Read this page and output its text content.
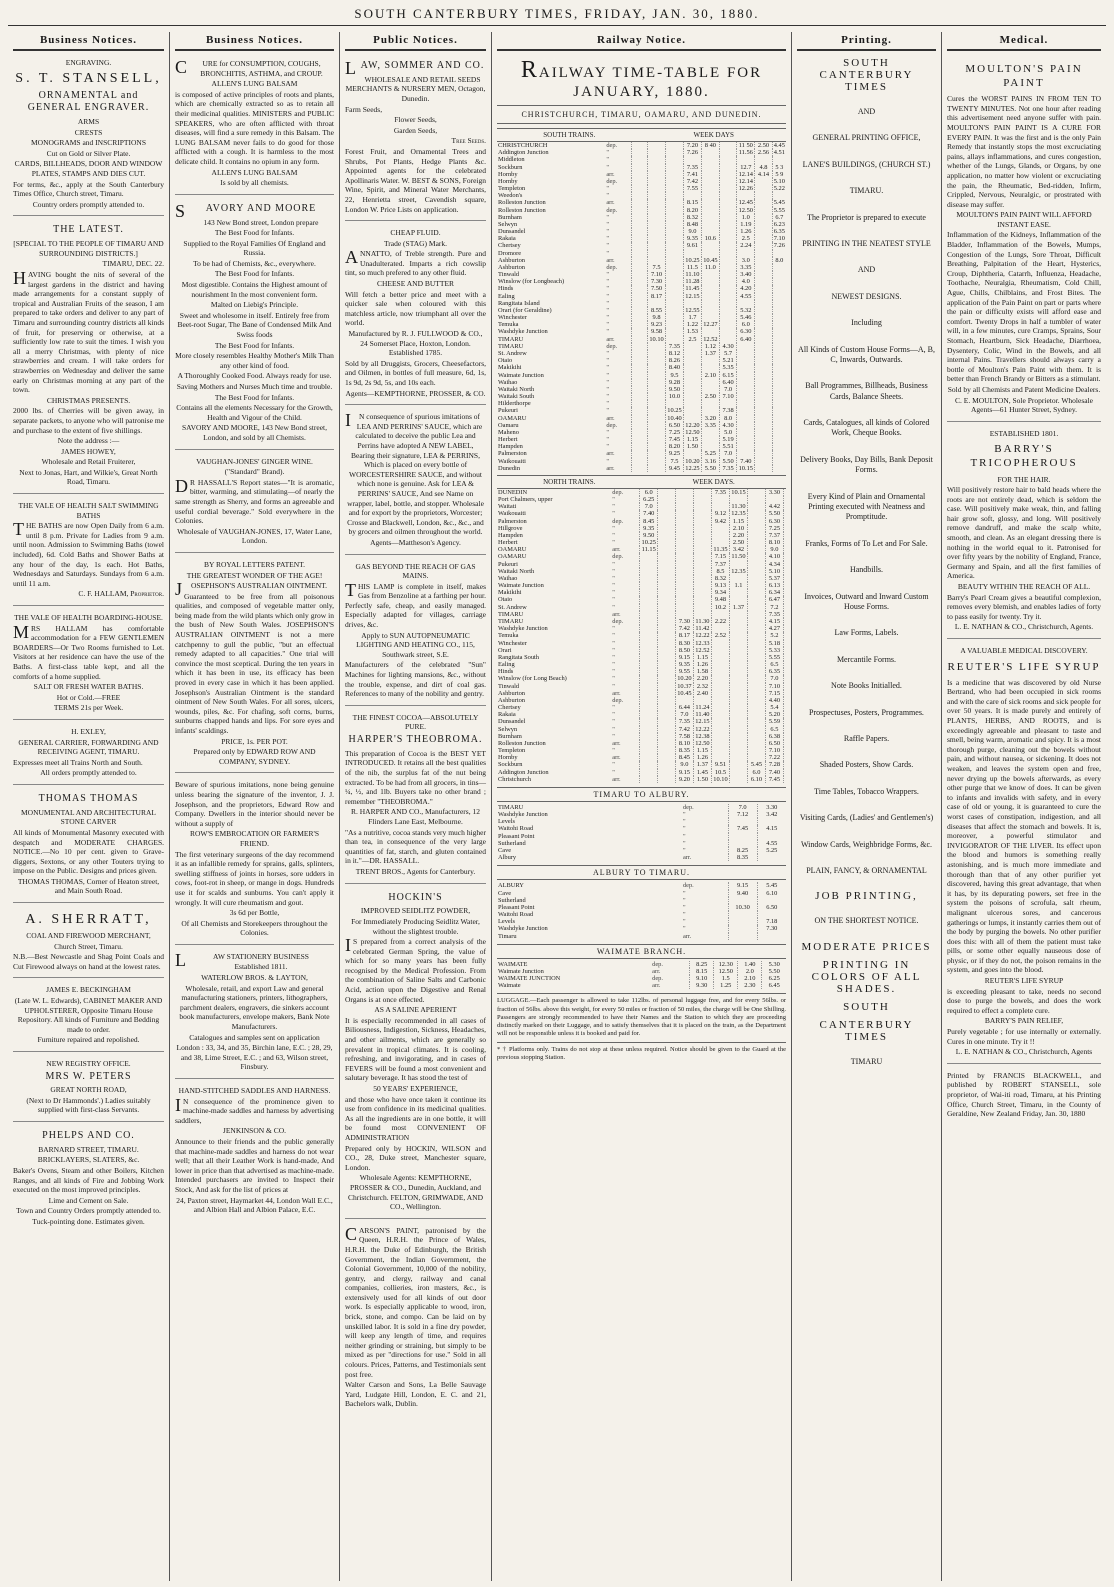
SOUTH CANTERBURY TIMES, FRIDAY, JAN. 30, 1880.
Business Notices.
ENGRAVING.
S. T. STANSELL,
ORNAMENTAL and GENERAL ENGRAVER.

ARMS

CRESTS

MONOGRAMS and INSCRIPTIONS

Cut on Gold or Silver Plate.

CARDS, BILLHEADS, DOOR AND WINDOW PLATES, STAMPS AND DIES CUT.

For terms, &c., apply at the South Canterbury Times Office, Church street, Timaru.

Country orders promptly attended to.

THE LATEST.

[SPECIAL TO THE PEOPLE OF TIMARU AND SURROUNDING DISTRICTS.]

TIMARU, DEC. 22.

HAVING bought the nits of several of the largest gardens in the district and having made arrangements for a constant supply of tropical and Australian Fruits of the season, I am prepared to take orders and deliver to any part of Timaru and surrounding country districts all kinds of fruit, for preserving or otherwise, at a sufficiently low rate to suit the times. I wish you all a merry Christmas, with plenty of nice strawberries and cream. I will take orders for strawberries on Wednesday and deliver the same early on Christmas morning at any part of the town.

CHRISTMAS PRESENTS.

2000 lbs. of Cherries will be given away, in separate packets, to anyone who will patronise me and purchase to the extent of five shillings.

Note the address :—

JAMES HOWEY,

Wholesale and Retail Fruiterer,

Next to Jonas, Hart, and Wilkie's, Great North Road, Timaru.

THE VALE OF HEALTH SALT SWIMMING BATHS

THE BATHS are now Open Daily from 6 a.m. until 8 p.m. Private for Ladies from 9 a.m. until noon. Admission to Swimming Baths (towel included), 6d. Cold Baths and Shower Baths at any hour of the day, 1s each. Hot Baths, Wednesdays and Saturdays. Sundays from 6 a.m. until 11 a.m.

C. F. HALLAM, Proprietor.

THE VALE OF HEALTH BOARDING-HOUSE.

MRS HALLAM has comfortable accommodation for a FEW GENTLEMEN BOARDERS—Or Two Rooms furnished to Let. Visitors at her residence can have the use of the Baths. A first-class table kept, and all the comforts of a home supplied.

SALT OR FRESH WATER BATHS.

Hot or Cold.—FREE

TERMS 21s per Week.

H. EXLEY,

GENERAL CARRIER, FORWARDING AND RECEIVING AGENT, TIMARU.

Expresses meet all Trains North and South.

All orders promptly attended to.

THOMAS THOMAS

MONUMENTAL AND ARCHITECTURAL STONE CARVER

All kinds of Monumental Masonry executed with despatch and MODERATE CHARGES. NOTICE.—No 10 per cent. given to Grave-diggers, Sextons, or any other Touters trying to impose on the Public. Designs and prices given.

THOMAS THOMAS, Corner of Heaton street, and Main South Road.

A. SHERRATT,

COAL AND FIREWOOD MERCHANT,

Church Street, Timaru.

N.B.—Best Newcastle and Shag Point Coals and Cut Firewood always on hand at the lowest rates.

JAMES E. BECKINGHAM

(Late W. L. Edwards), CABINET MAKER AND UPHOLSTERER, Opposite Timaru House Repository. All kinds of Furniture and Bedding made to order.

Furniture repaired and repolished.

NEW REGISTRY OFFICE.

MRS W. PETERS

GREAT NORTH ROAD,

(Next to Dr Hammonds'.) Ladies suitably supplied with first-class Servants.

PHELPS AND CO.

BARNARD STREET, TIMARU.

BRICKLAYERS, SLATERS, &c.

Baker's Ovens, Steam and other Boilers, Kitchen Ranges, and all kinds of Fire and Jobbing Work executed on the most improved principles.

Lime and Cement on Sale.

Town and Country Orders promptly attended to.

Tuck-pointing done. Estimates given.

Business Notices.

CURE for CONSUMPTION, COUGHS, BRONCHITIS, ASTHMA, and CROUP.

ALLEN'S LUNG BALSAM

is composed of active principles of roots and plants, which are chemically extracted so as to retain all their medicinal qualities. MINISTERS and PUBLIC SPEAKERS, who are often afflicted with throat diseases, will find a sure remedy in this Balsam. The LUNG BALSAM never fails to do good for those afflicted with a cough. It is harmless to the most delicate child. It contains no opium in any form.

ALLEN'S LUNG BALSAM

Is sold by all chemists.

SAVORY AND MOORE

143 New Bond street, London prepare

The Best Food for Infants.

Supplied to the Royal Families Of England and Russia.

To be had of Chemists, &c., everywhere.

The Best Food for Infants.

Most digestible. Contains the Highest amount of nourishment In the most convenient form.

Malted on Liebig's Principle.

Sweet and wholesome in itself. Entirely free from Beet-root Sugar, The Bane of Condensed Milk And Swiss foods

The Best Food for Infants.

More closely resembles Healthy Mother's Milk Than any other kind of food.

A Thoroughly Cooked Food. Always ready for use.

Saving Mothers and Nurses Much time and trouble.

The Best Food for Infants.

Contains all the elements Necessary for the Growth, Health and Vigour of the Child.

SAVORY AND MOORE, 143 New Bond street, London, and sold by all Chemists.

VAUGHAN-JONES' GINGER WINE.

("Standard" Brand).

DR HASSALL'S Report states—"It is aromatic, bitter, warming, and stimulating—of nearly the same strength as Sherry, and forms an agreeable and useful cordial beverage." Sold everywhere in the Colonies.

Wholesale of VAUGHAN-JONES, 17, Water Lane, London.

BY ROYAL LETTERS PATENT.

THE GREATEST WONDER OF THE AGE!

JOSEPHSON'S AUSTRALIAN OINTMENT.

Guaranteed to be free from all poisonous qualities, and composed of vegetable matter only, being made from the wild plants which only grow in the bush of New South Wales. JOSEPHSON'S AUSTRALIAN OINTMENT is not a mere catchpenny to gull the public, "but an effectual remedy adapted to all capacities." One trial will convince the most sceptical. During the ten years in which it has been in use, its efficacy has been proved in every case in which it has been applied. Josephson's Australian Ointment is the standard ointment of New South Wales. For all sores, ulcers, wounds, piles, &c. For chafing, soft corns, burns, sunburns chapped hands and lips. For sore eyes and infants' scaldings.

PRICE, 1s. PER POT.

Prepared only by EDWARD ROW AND COMPANY, SYDNEY.

Beware of spurious imitations, none being genuine unless bearing the signature of the inventor, J. J. Josephson, and the proprietors, Edward Row and Company. Dwellers in the interior should never be without a supply of

ROW'S EMBROCATION OR FARMER'S FRIEND.

The first veterinary surgeons of the day recommend it as an infallible remedy for sprains, galls, splinters, swelling stiffness of joints in horses, sore udders in cows, foot-rot in sheep, or mange in dogs. Hundreds use it for scalds and sunburns. You can't apply it wrongly. It will cure rheumatism and gout.

3s 6d per Bottle,

Of all Chemists and Storekeepers throughout the Colonies.

LAW STATIONERY BUSINESS

Established 1811.

WATERLOW BROS. & LAYTON,

Wholesale, retail, and export Law and general manufacturing stationers, printers, lithographers, parchment dealers, engravers, die sinkers account book manufacturers, envelope makers, Bank Note Manufacturers.

Catalogues and samples sent on application

London : 33, 34, and 35, Birchin lane, E.C. ; 28, 29, and 38, Lime Street, E.C. ; and 63, Wilson street, Finsbury.

HAND-STITCHED SADDLES AND HARNESS.

IN consequence of the prominence given to machine-made saddles and harness by advertising saddlers,

JENKINSON & CO.

Announce to their friends and the public generally that machine-made saddles and harness do not wear well; that all their Leather Work is hand-made, And lower in price than that advertised as machine-made. Intended purchasers are invited to Inspect their Stock, And ask for the list of prices at

24, Paxton street, Haymarket 44, London Wall E.C., and Albion Hall and Albion Palace, E.C.

Public Notices.
LAW, SOMMER AND CO.

WHOLESALE AND RETAIL SEEDS MERCHANTS & NURSERY MEN, Octagon, Dunedin.

Farm Seeds,

Flower Seeds,

Garden Seeds,

Tree Seeds.

Forest Fruit, and Ornamental Trees and Shrubs, Pot Plants, Hedge Plants &c. Appointed agents for the celebrated Apollinaris Water. W. BEST & SONS, Foreign Wine, Spirit, and Mineral Water Merchants, 22, Henrietta street, Cavendish square, London W. Price Lists on application.

CHEAP FLUID.

Trade (STAG) Mark.

ANNATTO, of Treble strength. Pure and Unadulterated. Imparts a rich cowslip tint, so much prefered to any other fluid.

CHEESE AND BUTTER

Will fetch a better price and meet with a quicker sale when coloured with this matchless article, now triumphant all over the world.

Manufactured by R. J. FULLWOOD & CO., 24 Somerset Place, Hoxton, London. Established 1785.

Sold by all Druggists, Grocers, Cheesefactors, and Oilmen, in bottles of full measure, 6d, 1s, 1s 9d, 2s 9d, 5s, and 10s each.

Agents—KEMPTHORNE, PROSSER, & CO.

IN consequence of spurious imitations of LEA AND PERRINS' SAUCE, which are calculated to deceive the public Lea and Perrins have adopted A NEW LABEL, Bearing their signature, LEA & PERRINS, Which is placed on every bottle of WORCESTERSHIRE SAUCE, and without which none is genuine. Ask for LEA & PERRINS' SAUCE, And see Name on wrapper, label, bottle, and stopper. Wholesale and for export by the proprietors, Worcester; Crosse and Blackwell, London, &c., &c., and by grocers and oilmen throughout the world.

Agents—Mattheson's Agency.

GAS BEYOND THE REACH OF GAS MAINS.

THIS LAMP is complete in itself, makes Gas from Benzoline at a farthing per hour. Perfectly safe, cheap, and easily managed. Especially adapted for villages, carriage drives, &c.

Apply to SUN AUTOPNEUMATIC LIGHTING AND HEATING CO., 115, Southwark street, S.E.

Manufacturers of the celebrated "Sun" Machines for lighting mansions, &c., without the trouble, expense, and dirt of coal gas. References to many of the nobility and gentry.

THE FINEST COCOA—ABSOLUTELY PURE.

HARPER'S THEOBROMA.

This preparation of Cocoa is the BEST YET INTRODUCED. It retains all the best qualities of the nib, the surplus fat of the nut being extracted. To be had from all grocers, in tins—¼, ½, and 1lb. Buyers take no other brand ; remember "THEOBROMA."

R. HARPER AND CO., Manufacturers, 12 Flinders Lane East, Melbourne.

"As a nutritive, cocoa stands very much higher than tea, in consequence of the very large quantities of fat, starch, and gluten contained in it."—DR. HASSALL.

TRENT BROS., Agents for Canterbury.

HOCKIN'S

IMPROVED SEIDLITZ POWDER,

For Immediately Producing Seidlitz Water, without the slightest trouble.

IS prepared from a correct analysis of the celebrated German Spring, the value of which for so many years has been fully recognised by the Medical Profession. From the combination of Saline Salts and Carbonic Acid, action upon the Digestive and Renal Organs is at once effected.

AS A SALINE APERIENT

It is especially recommended in all cases of Biliousness, Indigestion, Sickness, Headaches, and other ailments, which are generally so prevalent in tropical climates. It is cooling, refreshing, and invigorating, and in cases of FEVERS will be found a most convenient and salutary beverage. It has stood the test of

50 YEARS' EXPERIENCE,

and those who have once taken it continue its use from confidence in its medicinal qualities. As all the ingredients are in one bottle, it will be found most CONVENIENT OF ADMINISTRATION

Prepared only by HOCKIN, WILSON and CO., 28, Duke street, Manchester square, London.

Wholesale Agents: KEMPTHORNE, PROSSER & CO., Dunedin, Auckland, and Christchurch. FELTON, GRIMWADE, AND CO., Wellington.

CARSON'S PAINT, patronised by the Queen, H.R.H. the Prince of Wales, H.R.H. the Duke of Edinburgh, the British Government, the Indian Government, the Colonial Government, 10,000 of the nobility, gentry, and clergy, railway and canal companies, collieries, iron masters, &c., is extensively used for all kinds of out door work. Is especially applicable to wood, iron, brick, stone, and compo. Can be laid on by unskilled labor. It is sold in a fine dry powder, will keep any length of time, and requires neither grinding or straining, but simply to be mixed as per "directions for use." Sold in all colours. Prices, Patterns, and Testimonials sent post free.

Walter Carson and Sons, La Belle Sauvage Yard, Ludgate Hill, London, E. C. and 21, Bachelors walk, Dublin.

Railway Notice.
RAILWAY TIME-TABLE FOR JANUARY, 1880.
CHRISTCHURCH, TIMARU, OAMARU, AND DUNEDIN.
SOUTH TRAINS.	WEEK DAYS
CHRISTCHURCH	dep.				7.20	8 40		11 50	2.50	4.45
Addington Junction	"				7.26			11.56	2.56	4.51
Middleton	"									
Sockburn	"				7.35			12.7	4.8	5 3
Hornby	arr.				7.41			12.14	4.14	5 9
Hornby	dep.				7.42			12.14		5.10
Templeton	"				7.55			12.26		5.22
Weedon's	"									
Rolleston Junction	arr.				8.15			12.45		5.45
Rolleston Junction	dep.				8.20			12.50		5.55
Burnham	"				8.32			1.0		6.7
Selwyn	"				8.48			1.19		6.23
Dunsandel	"				9.0			1.26		6.35
Rakaia	"				9.35	10.6		2.5		7.10
Chertsey	"				9.61			2.24		7.26
Dromore	"									
Ashburton	arr.				10.25	10.45		3.0		8.0
Ashburton	dep.		7.5		11.5	11.0		3.35		
Tinwald	"		7.10		11.10			3.40		
Winslow (for Longbeach)	"		7.30		11.28			4.0		
Hinds	"		7.50		11.45			4.20		
Ealing	"		8.17		12.15			4.55		
Rangitata Island	"									
Orari (for Geraldine)	"		8.55		12.55			5.32		
Winchester	"		9.8		1.7			5.46		
Temuka	"		9.23		1.22	12.27		6.0		
Washdyke Junction	"		9.58		1.53			6.30		
TIMARU	arr.		10.10		2.5	12.52		6.40		
TIMARU	dep.			7.35		1.12	4.30			
St. Andrew	"			8.12		1.37	5.7			
Otaio	"			8.26			5.21			
Makikihi	"			8.40			5.35			
Waimate Junction	"			9.5		2.10	6.15			
Waihao	"			9.28			6.40			
Waitaki North	"			9.50			7.0			
Waitaki South	"			10.0		2.50	7.10			
Hilderthorpe	"									
Pukeuri	"			10.25			7.38			
OAMARU	arr.			10.40		3.20	8.0			
Oamaru	dep.			6.50	12.20	3.35	4.30			
Maheno	"			7.25	12.50		5.0			
Herbert	"			7.45	1.15		5.19			
Hampden	"			8.20	1.50		5.51			
Palmerston	arr.			9.25		5.25	7.0			
Waikouaiti	"			7.5	10.20	3.16	5.50	7.40		
Dunedin	arr.			9.45	12.25	5.50	7.35	10.15		
NORTH TRAINS.	WEEK DAYS.
DUNEDIN	dep.	6.0				7.35	10.15		3.30	
Port Chalmers, upper	"	6.25								
Waitati	"	7.0					11.30		4.42	
Waikouaiti	"	7.40				9.12	12.35		5.50	
Palmerston	dep.	8.45				9.42	1.15		6.30	
Hillgrove	"	9.35					2.10		7.25	
Hampden	"	9.50					2.20		7.37	
Herbert	"	10.25					2.50		8.10	
OAMARU	arr.	11.15				11.35	3.42		9.0	
OAMARU	dep.					7.15	11.50		4.10	
Pukeuri	"					7.37			4.34	
Waitaki North	"					8.5	12.35		5.10	
Waihao	"					8.32			5.37	
Waimate Junction	"					9.13	1.1		6.13	
Makikihi	"					9.34			6.34	
Otaio	"					9.48			6.47	
St. Andrew	"					10.2	1.37		7.2	
TIMARU	arr.								7.35	
TIMARU	dep.			7.30	11.30	2.22			4.15	
Washdyke Junction	"			7.42	11.42				4.27	
Temuka	"			8.17	12.22	2.52			5.2	
Winchester	"			8.30	12.33				5.18	
Orari	"			8.50	12.52				5.33	
Rangitata South	"			9.15	1.15				5.55	
Ealing	"			9.35	1.26				6.5	
Hinds	"			9.55	1.58				6.35	
Winslow (for Long Beach)	"			10.20	2.20				7.0	
Tinwald	"			10.37	2.32				7.10	
Ashburton	arr.			10.45	2.40				7.15	
Ashburton	dep.								4.40	
Chertsey	"			6.44	11.24				5.4	
Rakaia	"			7.0	11.40				5.20	
Dunsandel	"			7.35	12.15				5.59	
Selwyn	"			7.42	12.22				6.5	
Burnham	"			7.58	12.38				6.38	
Rolleston Junction	arr.			8.10	12.50				6.50	
Templeton	"			8.35	1.15				7.10	
Hornby	arr.			8.45	1.26				7.22	
Sockburn	"			9.0	1.37	9.51		5.45	7.28	
Addington Junction	"			9.15	1.45	10.5		6.0	7.40	
Christchurch	arr.			9.20	1.50	10.10		6.10	7.45	
TIMARU TO ALBURY.
TIMARU	dep.	7.0	3.30
Washdyke Junction	"	7.12	3.42
Levels	"		
Waitohi Road	"	7.45	4.15
Pleasant Point	"		
Sutherland	"		4.55
Cave	"	8.25	5.25
Albury	arr.	8.35	
ALBURY TO TIMARU.
ALBURY	dep.	9.15	5.45
Cave	"	9.40	6.10
Sutherland	"		
Pleasant Point	"	10.30	6.50
Waitohi Road	"		
Levels	"		7.18
Washdyke Junction	"		7.30
Timaru	arr.		
WAIMATE BRANCH.
WAIMATE	dep.	8.25	12.30	1.40	5.30
Waimate Junction	arr.	8.15	12.50	2.0	5.50
WAIMATE JUNCTION	dep.	9.10	1.5	2.10	6.25
Waimate	arr.	9.30	1.25	2.30	6.45
LUGGAGE.—Each passenger is allowed to take 112lbs. of personal luggage free, and for every 56lbs. or fraction of 56lbs. above this weight, for every 50 miles or fraction of 50 miles, the charge will be One Shilling. Passengers are strongly recommended to have their Names and the Station to which they are proceeding distinctly marked on their Luggage, and to satisfy themselves that it is placed on the train, as the Department will not be responsible unless it is booked and paid for.
* † Platforms only. Trains do not stop at these unless required. Notice should be given to the Guard at the previous stopping Station.
Printing.
SOUTH CANTERBURY TIMES
AND
GENERAL PRINTING OFFICE,
LANE'S BUILDINGS, (CHURCH ST.)
TIMARU.
The Proprietor is prepared to execute
PRINTING IN THE NEATEST STYLE
AND
NEWEST DESIGNS.
Including
All Kinds of Custom House Forms—A, B, C, Inwards, Outwards.
Ball Programmes, Billheads, Business Cards, Balance Sheets.
Cards, Catalogues, all kinds of Colored Work, Cheque Books.
Delivery Books, Day Bills, Bank Deposit Forms.
Every Kind of Plain and Ornamental Printing executed with Neatness and Promptitude.
Franks, Forms of To Let and For Sale.
Handbills.
Invoices, Outward and Inward Custom House Forms.
Law Forms, Labels.
Mercantile Forms.
Note Books Initialled.
Prospectuses, Posters, Programmes.
Raffle Papers.
Shaded Posters, Show Cards.
Time Tables, Tobacco Wrappers.
Visiting Cards, (Ladies' and Gentlemen's)
Window Cards, Weighbridge Forms, &c.
PLAIN, FANCY, & ORNAMENTAL
JOB PRINTING,
ON THE SHORTEST NOTICE.
MODERATE PRICES
PRINTING IN COLORS OF ALL SHADES.
SOUTH
CANTERBURY TIMES
TIMARU
Medical.
MOULTON'S PAIN PAINT

Cures the WORST PAINS IN FROM TEN TO TWENTY MINUTES. Not one hour after reading this advertisement need anyone suffer with pain. MOULTON'S PAIN PAINT IS A CURE FOR EVERY PAIN. It was the first and is the only Pain Remedy that instantly stops the most excruciating pains, allays inflammations, and cures congestion, whether of the Lungs, Glands, or Organs, by one application, no matter how violent or excruciating the pain, the Rheumatic, Bed-ridden, Infirm, Crippled, Nervous, Neuralgic, or prostrated with disease may suffer.

MOULTON'S PAIN PAINT WILL AFFORD INSTANT EASE.

Inflammation of the Kidneys, Inflammation of the Bladder, Inflammation of the Bowels, Mumps, Congestion of the Lungs, Sore Throat, Difficult Breathing, Palpitation of the Heart, Hysterics, Croup, Diphtheria, Catarrh, Influenza, Headache, Toothache, Neuralgia, Rheumatism, Cold Chill, Ague, Chills, Chilblains, and Frost Bites. The application of the Pain Paint on part or parts where the pain or difficulty exists will afford ease and comfort. Twenty Drops in half a tumbler of water will, in a few minutes, cure Cramps, Sprains, Sour Stomach, Heartburn, Sick Headache, Diarrhoea, Dysentery, Colic, Wind in the Bowels, and all internal Pains. Travellers should always carry a bottle of Moulton's Pain Paint with them. It is better than French Brandy or Bitters as a stimulant.

Sold by all Chemists and Patent Medicine Dealers.

C. E. MOULTON, Sole Proprietor. Wholesale Agents—61 Hunter Street, Sydney.

ESTABLISHED 1801.

BARRY'S TRICOPHEROUS

FOR THE HAIR.

Will positively restore hair to bald heads where the roots are not entirely dead, which is seldom the case. Will positively make weak, thin, and falling hair grow soft, glossy, and long. Will positively remove dandruff, and make the scalp white, smooth, and clean. As an elegant dressing there is nothing in the world equal to it. Patronised for over fifty years by the nobility of England, France, Germany and Spain, and all the first families of America.

BEAUTY WITHIN THE REACH OF ALL.

Barry's Pearl Cream gives a beautiful complexion, removes every blemish, and enables ladies of forty to pass easily for twenty. Try it.

L. E. NATHAN & CO., Christchurch, Agents.

A VALUABLE MEDICAL DISCOVERY.

REUTER'S LIFE SYRUP

Is a medicine that was discovered by old Nurse Bertrand, who had been occupied in sick rooms and with the care of sick rooms and sick people for over 50 years. It is made purely and entirely of PLANTS, HERBS, AND ROOTS, and is exceedingly agreeable and pleasant to taste and smell, being warm, aromatic and spicy. It is a most thorough purge, cleaning out the bowels without pain, and without nausea, or sickening. It does not weaken, and leaves the system open and free, never drying up the bowels afterwards, as every other purge that we know of does. It can be given to infants and invalids with safety, and in every case of old or young, it is guaranteed to cure the worst cases of constipation, indigestion, and all diseases that affect the stomach and bowels. It is, moreover, a powerful stimulator and INVIGORATOR OF THE LIVER. Its effect upon the blood and humors is something really astonishing, and is much more immediate and thorough than that of any other purifier yet discovered, having this great advantage, that when it has, by its depurating powers, set free in the system the poisons of scrofula, salt rheum, malignant ulcerous sores, and cancerous gatherings or lumps, it instantly carries them out of the body by purging the bowels. No other purifier does this: with all of them the patient must take pills, or some other equally nauseous dose of physic, or if they do not, the poison remains in the system, and goes into the blood.

REUTER'S LIFE SYRUP

is exceeding pleasant to take, needs no second dose to purge the bowels, and does the work required to effect a complete cure.

BARRY'S PAIN RELIEF,

Purely vegetable ; for use internally or externally. Cures in one minute. Try it !!

L. E. NATHAN & CO., Christchurch, Agents

Printed by FRANCIS BLACKWELL, and published by ROBERT STANSELL, sole proprietor, of Wai-iti road, Timaru, at his Printing Office, Church Street, Timaru, in the County of Geraldine, New Zealand Friday, Jan. 30, 1880
